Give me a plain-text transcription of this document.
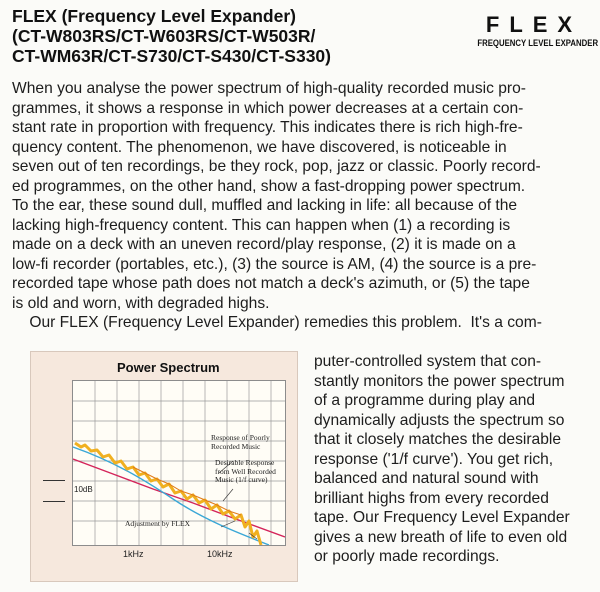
FLEX (Frequency Level Expander)
(CT-W803RS/CT-W603RS/CT-W503R/
CT-WM63R/CT-S730/CT-S430/CT-S330)
FLEX
FREQUENCY LEVEL EXPANDER
When you analyse the power spectrum of high-quality recorded music pro-
grammes, it shows a response in which power decreases at a certain con-
stant rate in proportion with frequency. This indicates there is rich high-fre-
quency content. The phenomenon, we have discovered, is noticeable in
seven out of ten recordings, be they rock, pop, jazz or classic. Poorly record-
ed programmes, on the other hand, show a fast-dropping power spectrum.
To the ear, these sound dull, muffled and lacking in life: all because of the
lacking high-frequency content. This can happen when (1) a recording is
made on a deck with an uneven record/play response, (2) it is made on a
low-fi recorder (portables, etc.), (3) the source is AM, (4) the source is a pre-
recorded tape whose path does not match a deck's azimuth, or (5) the tape
is old and worn, with degraded highs.
Our FLEX (Frequency Level Expander) remedies this problem.  It's a com-
puter-controlled system that con-
stantly monitors the power spectrum
of a programme during play and
dynamically adjusts the spectrum so
that it closely matches the desirable
response ('1/f curve'). You get rich,
balanced and natural sound with
brilliant highs from every recorded
tape. Our Frequency Level Expander
gives a new breath of life to even old
or poorly made recordings.
Power Spectrum
Response of Poorly
Recorded Music
Desirable Response
from Well Recorded
Music (1/f curve)
Adjustment by FLEX
10dB
1kHz	10kHz
